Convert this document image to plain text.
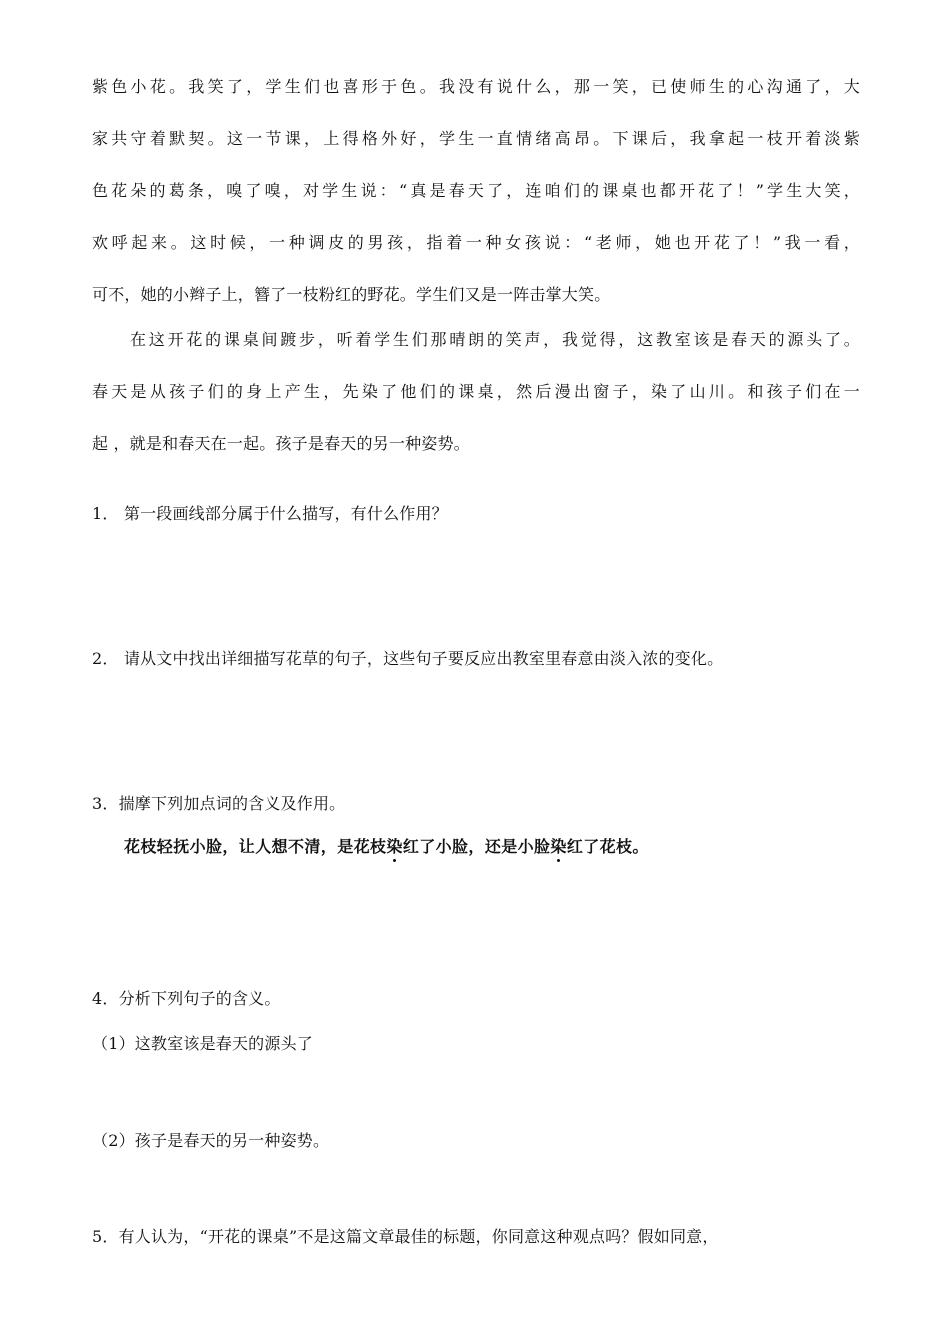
紫色小花。我笑了，学生们也喜形于色。我没有说什么，那一笑，已使师生的心沟通了，大
家共守着默契。这一节课，上得格外好，学生一直情绪高昂。下课后，我拿起一枝开着淡紫
色花朵的葛条，嗅了嗅，对学生说：“真是春天了，连咱们的课桌也都开花了！”学生大笑，
欢呼起来。这时候，一种调皮的男孩，指着一种女孩说：“老师，她也开花了！”我一看，
可不，她的小辫子上，簪了一枝粉红的野花。学生们又是一阵击掌大笑。
在这开花的课桌间踱步，听着学生们那晴朗的笑声，我觉得，这教室该是春天的源头了。
春天是从孩子们的身上产生，先染了他们的课桌，然后漫出窗子，染了山川。和孩子们在一
起 ，就是和春天在一起。孩子是春天的另一种姿势。
1． 第一段画线部分属于什么描写，有什么作用？
2． 请从文中找出详细描写花草的句子，这些句子要反应出教室里春意由淡入浓的变化。
3．揣摩下列加点词的含义及作用。
花枝轻抚小脸，让人想不清，是花枝染红了小脸，还是小脸染红了花枝。
4．分析下列句子的含义。
（1）这教室该是春天的源头了
（2）孩子是春天的另一种姿势。
5．有人认为，“开花的课桌”不是这篇文章最佳的标题，你同意这种观点吗？假如同意，
